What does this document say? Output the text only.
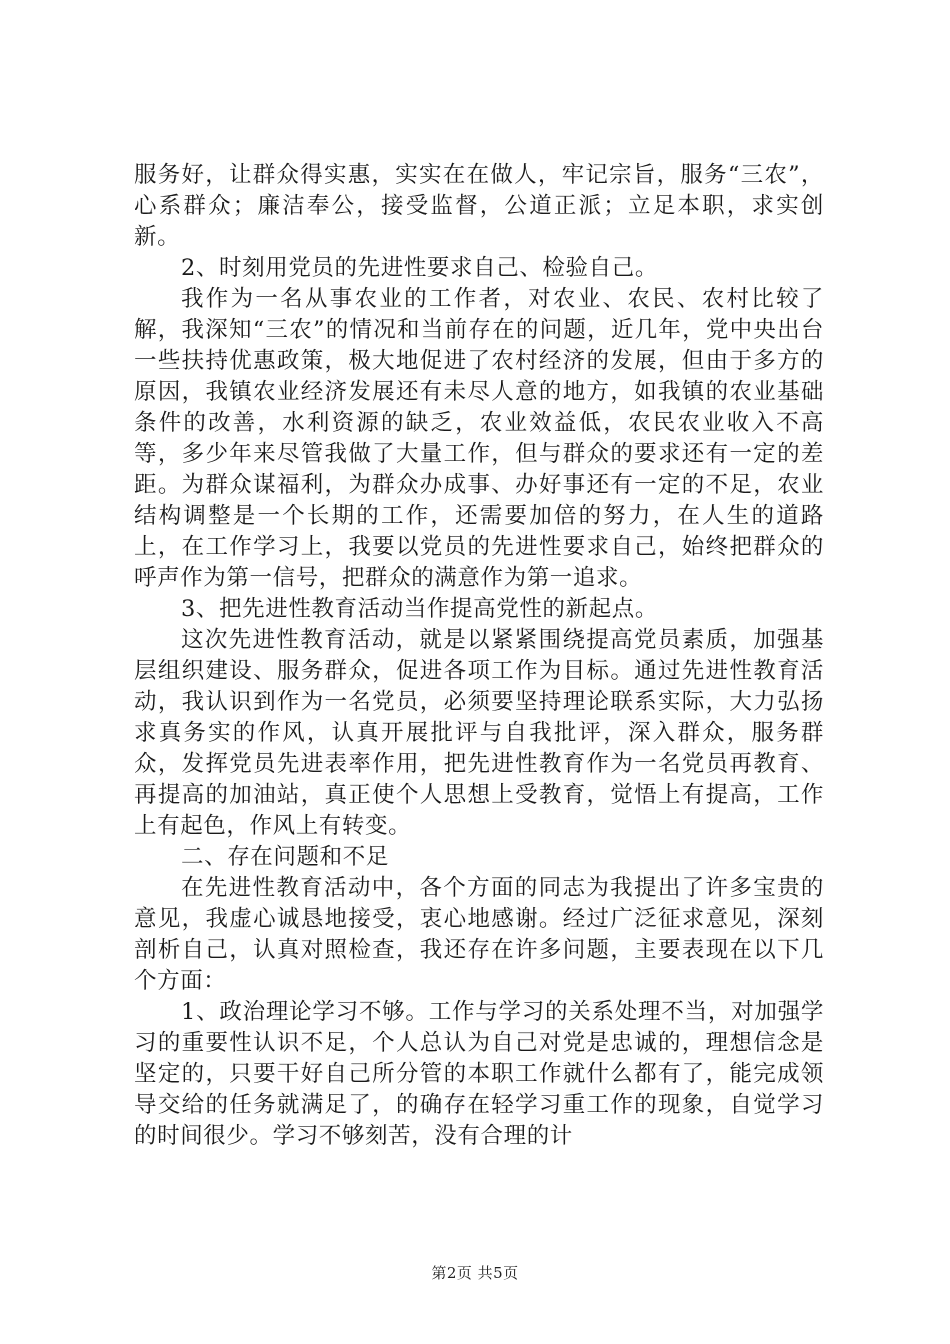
服务好，让群众得实惠，实实在在做人，牢记宗旨，服务“三农”，心系群众；廉洁奉公，接受监督，公道正派；立足本职，求实创新。

2、时刻用党员的先进性要求自己、检验自己。

我作为一名从事农业的工作者，对农业、农民、农村比较了解，我深知“三农”的情况和当前存在的问题，近几年，党中央出台一些扶持优惠政策，极大地促进了农村经济的发展，但由于多方的原因，我镇农业经济发展还有未尽人意的地方，如我镇的农业基础条件的改善，水利资源的缺乏，农业效益低，农民农业收入不高等，多少年来尽管我做了大量工作，但与群众的要求还有一定的差距。为群众谋福利，为群众办成事、办好事还有一定的不足，农业结构调整是一个长期的工作，还需要加倍的努力，在人生的道路上，在工作学习上，我要以党员的先进性要求自己，始终把群众的呼声作为第一信号，把群众的满意作为第一追求。

3、把先进性教育活动当作提高党性的新起点。

这次先进性教育活动，就是以紧紧围绕提高党员素质，加强基层组织建设、服务群众，促进各项工作为目标。通过先进性教育活动，我认识到作为一名党员，必须要坚持理论联系实际，大力弘扬求真务实的作风，认真开展批评与自我批评，深入群众，服务群众，发挥党员先进表率作用，把先进性教育作为一名党员再教育、再提高的加油站，真正使个人思想上受教育，觉悟上有提高，工作上有起色，作风上有转变。

二、存在问题和不足

在先进性教育活动中，各个方面的同志为我提出了许多宝贵的意见，我虚心诚恳地接受，衷心地感谢。经过广泛征求意见，深刻剖析自己，认真对照检查，我还存在许多问题，主要表现在以下几个方面：

1、政治理论学习不够。工作与学习的关系处理不当，对加强学习的重要性认识不足，个人总认为自己对党是忠诚的，理想信念是坚定的，只要干好自己所分管的本职工作就什么都有了，能完成领导交给的任务就满足了，的确存在轻学习重工作的现象，自觉学习的时间很少。学习不够刻苦，没有合理的计

第2页 共5页
